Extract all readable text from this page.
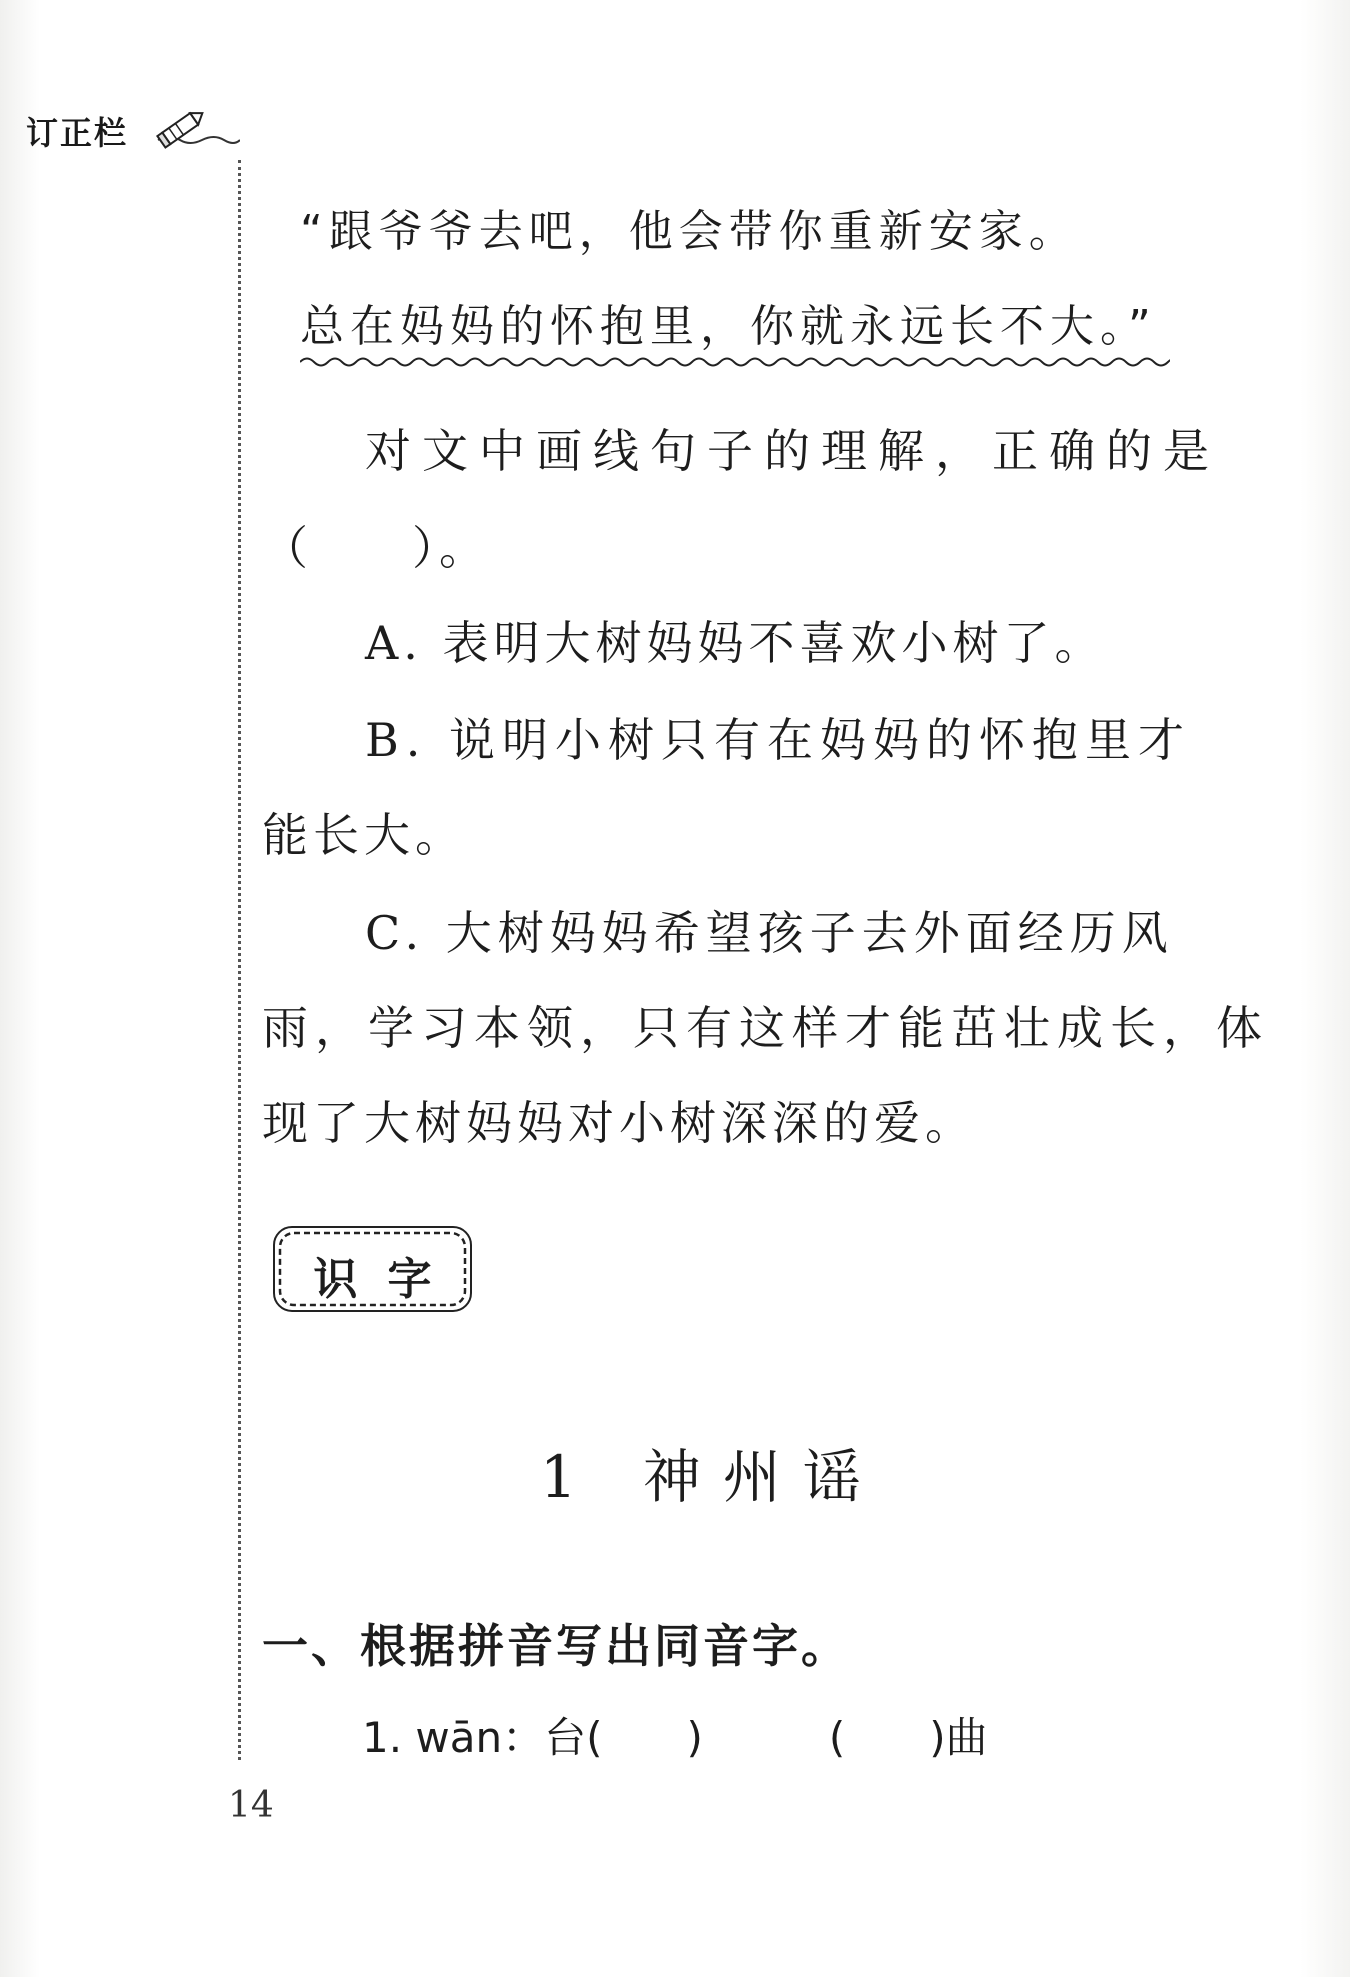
订正栏
“跟爷爷去吧，他会带你重新安家。
总在妈妈的怀抱里，你就永远长不大。”
对文中画线句子的理解，正确的是
（　　）。
A. 表明大树妈妈不喜欢小树了。
B. 说明小树只有在妈妈的怀抱里才
能长大。
C. 大树妈妈希望孩子去外面经历风
雨，学习本领，只有这样才能茁壮成长，体
现了大树妈妈对小树深深的爱。
识字
1 神州谣
一、根据拼音写出同音字。
1. wān：台(　　)　　　(　　)曲
14
